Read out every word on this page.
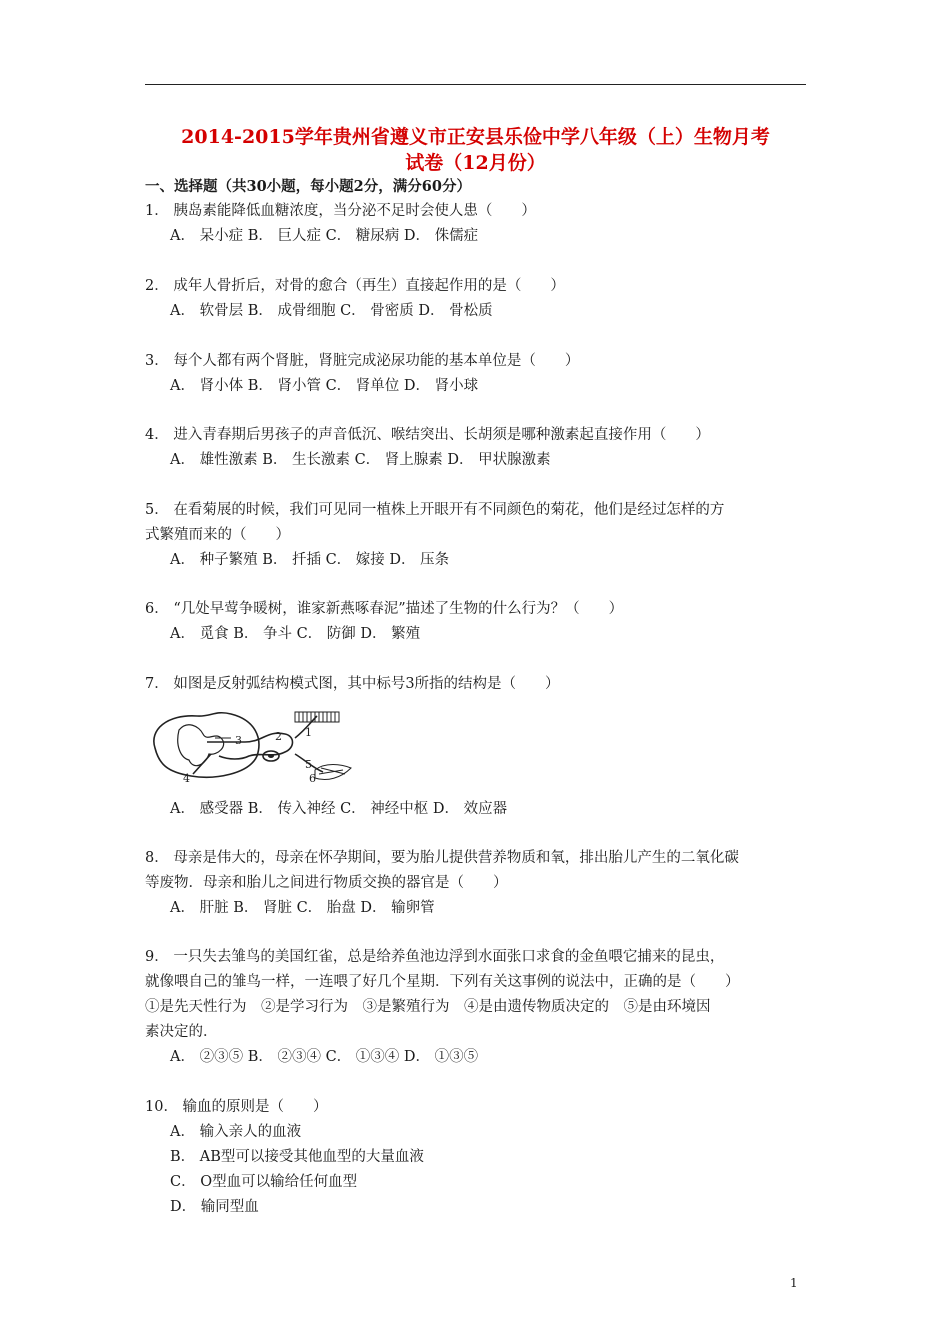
2014-2015学年贵州省遵义市正安县乐俭中学八年级（上）生物月考
试卷（12月份）
一、选择题（共30小题，每小题2分，满分60分）
1． 胰岛素能降低血糖浓度，当分泌不足时会使人患（　　）
A． 呆小症 B． 巨人症 C． 糖尿病 D． 侏儒症
2． 成年人骨折后，对骨的愈合（再生）直接起作用的是（　　）
A． 软骨层 B． 成骨细胞 C． 骨密质 D． 骨松质
3． 每个人都有两个肾脏，肾脏完成泌尿功能的基本单位是（　　）
A． 肾小体 B． 肾小管 C． 肾单位 D． 肾小球
4． 进入青春期后男孩子的声音低沉、喉结突出、长胡须是哪种激素起直接作用（　　）
A． 雄性激素 B． 生长激素 C． 肾上腺素 D． 甲状腺激素
5． 在看菊展的时候，我们可见同一植株上开眼开有不同颜色的菊花，他们是经过怎样的方
式繁殖而来的（　　）
A． 种子繁殖 B． 扦插 C． 嫁接 D． 压条
6． “几处早莺争暖树，谁家新燕啄春泥”描述了生物的什么行为？（　　）
A． 觅食 B． 争斗 C． 防御 D． 繁殖
7． 如图是反射弧结构模式图，其中标号3所指的结构是（　　）
1
2
3
4
5
6
A． 感受器 B． 传入神经 C． 神经中枢 D． 效应器
8． 母亲是伟大的，母亲在怀孕期间，要为胎儿提供营养物质和氧，排出胎儿产生的二氧化碳
等废物．母亲和胎儿之间进行物质交换的器官是（　　）
A． 肝脏 B． 肾脏 C． 胎盘 D． 输卵管
9． 一只失去雏鸟的美国红雀，总是给养鱼池边浮到水面张口求食的金鱼喂它捕来的昆虫，
就像喂自己的雏鸟一样，一连喂了好几个星期．下列有关这事例的说法中，正确的是（　　）
①是先天性行为　②是学习行为　③是繁殖行为　④是由遗传物质决定的　⑤是由环境因
素决定的．
A． ②③⑤ B． ②③④ C． ①③④ D． ①③⑤
10． 输血的原则是（　　）
A． 输入亲人的血液
B． AB型可以接受其他血型的大量血液
C． O型血可以输给任何血型
D． 输同型血
1
